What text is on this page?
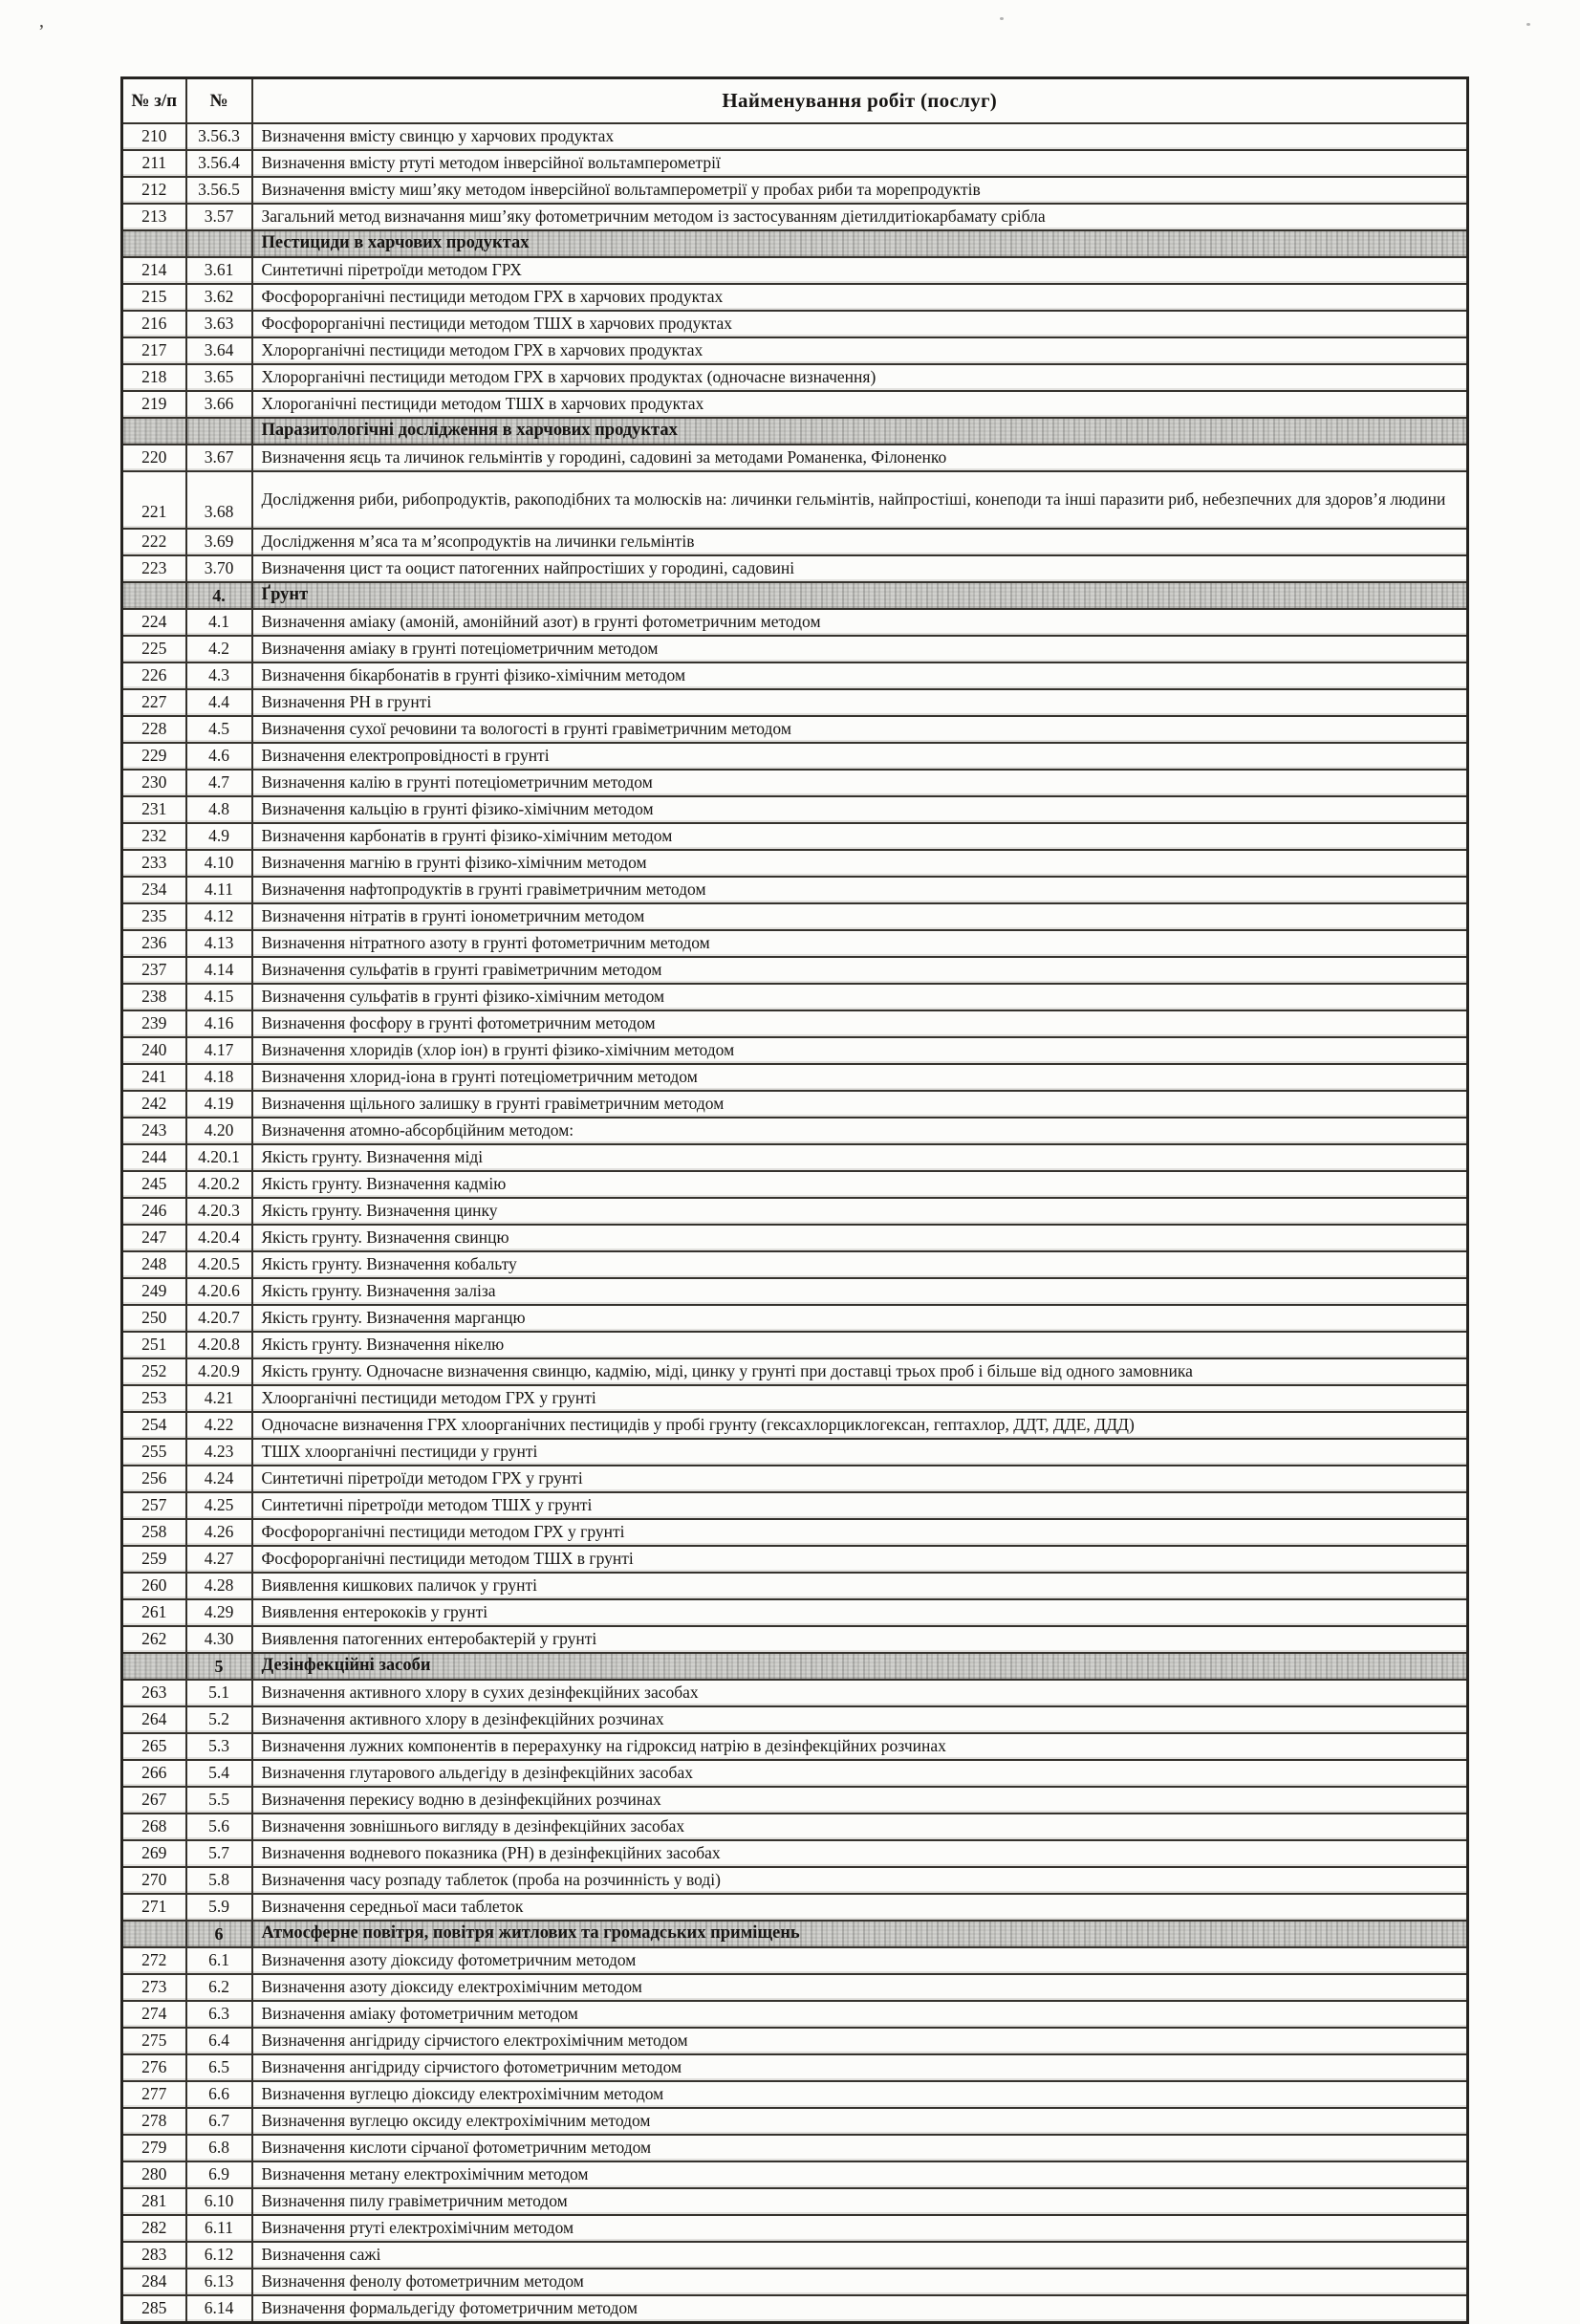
’
№ з/п	№	Найменування робіт (послуг)
210	3.56.3	Визначення вмісту свинцю у харчових продуктах
211	3.56.4	Визначення вмісту ртуті методом інверсійної вольтамперометрії
212	3.56.5	Визначення вмісту миш’яку методом інверсійної вольтамперометрії у пробах риби та морепродуктів
213	3.57	Загальний метод визначання миш’яку фотометричним методом із застосуванням діетилдитіокарбамату срібла
		Пестициди в харчових продуктах
214	3.61	Синтетичні піретроїди методом ГРХ
215	3.62	Фосфорорганічні пестициди методом ГРХ в харчових продуктах
216	3.63	Фосфорорганічні пестициди методом ТШХ в харчових продуктах
217	3.64	Хлорорганічні пестициди методом ГРХ в харчових продуктах
218	3.65	Хлорорганічні пестициди методом ГРХ в харчових продуктах (одночасне визначення)
219	3.66	Хлороганічні пестициди методом ТШХ в харчових продуктах
		Паразитологічні дослідження в харчових продуктах
220	3.67	Визначення яєць та личинок гельмінтів у городині, садовині за методами Романенка, Філоненко
221	3.68	Дослідження риби, рибопродуктів, ракоподібних та молюсків на: личинки гельмінтів, найпростіші, конеподи та інші паразити риб, небезпечних для здоров’я людини
222	3.69	Дослідження м’яса та м’ясопродуктів на личинки гельмінтів
223	3.70	Визначення цист та ооцист патогенних найпростіших у городині, садовині
	4.	Ґрунт
224	4.1	Визначення аміаку (амоній, амонійний азот) в грунті фотометричним методом
225	4.2	Визначення аміаку в грунті потеціометричним методом
226	4.3	Визначення бікарбонатів в грунті фізико-хімічним методом
227	4.4	Визначення РН в грунті
228	4.5	Визначення сухої речовини та вологості в грунті гравіметричним методом
229	4.6	Визначення електропровідності в грунті
230	4.7	Визначення калію в грунті потеціометричним методом
231	4.8	Визначення кальцію в грунті фізико-хімічним методом
232	4.9	Визначення карбонатів в грунті фізико-хімічним методом
233	4.10	Визначення магнію в грунті фізико-хімічним методом
234	4.11	Визначення нафтопродуктів в грунті гравіметричним методом
235	4.12	Визначення нітратів в грунті іонометричним методом
236	4.13	Визначення нітратного азоту в грунті фотометричним методом
237	4.14	Визначення сульфатів в грунті гравіметричним методом
238	4.15	Визначення сульфатів в грунті фізико-хімічним методом
239	4.16	Визначення фосфору в грунті фотометричним методом
240	4.17	Визначення хлоридів (хлор іон) в грунті фізико-хімічним методом
241	4.18	Визначення хлорид-іона в грунті потеціометричним методом
242	4.19	Визначення щільного залишку в грунті гравіметричним методом
243	4.20	Визначення атомно-абсорбційним методом:
244	4.20.1	Якість грунту. Визначення міді
245	4.20.2	Якість грунту. Визначення кадмію
246	4.20.3	Якість грунту. Визначення цинку
247	4.20.4	Якість грунту. Визначення свинцю
248	4.20.5	Якість грунту. Визначення кобальту
249	4.20.6	Якість грунту. Визначення заліза
250	4.20.7	Якість грунту. Визначення марганцю
251	4.20.8	Якість грунту. Визначення нікелю
252	4.20.9	Якість грунту. Одночасне визначення свинцю, кадмію, міді, цинку у грунті при доставці трьох проб і більше від одного замовника
253	4.21	Хлоорганічні пестициди методом ГРХ у грунті
254	4.22	Одночасне визначення ГРХ хлоорганічних пестицидів у пробі грунту (гексахлорциклогексан, гептахлор, ДДТ, ДДЕ, ДДД)
255	4.23	ТШХ хлоорганічні пестициди у грунті
256	4.24	Синтетичні піретроїди методом ГРХ у грунті
257	4.25	Синтетичні піретроїди методом ТШХ у грунті
258	4.26	Фосфорорганічні пестициди методом ГРХ у грунті
259	4.27	Фосфорорганічні пестициди методом ТШХ в грунті
260	4.28	Виявлення кишкових паличок у грунті
261	4.29	Виявлення ентерококів у грунті
262	4.30	Виявлення патогенних ентеробактерій у грунті
	5	Дезінфекційні засоби
263	5.1	Визначення активного хлору в сухих дезінфекційних засобах
264	5.2	Визначення активного хлору в дезінфекційних розчинах
265	5.3	Визначення лужних компонентів в перерахунку на гідроксид натрію в дезінфекційних розчинах
266	5.4	Визначення глутарового альдегіду в дезінфекційних засобах
267	5.5	Визначення перекису водню в дезінфекційних розчинах
268	5.6	Визначення зовнішнього вигляду в дезінфекційних засобах
269	5.7	Визначення водневого показника (РН) в дезінфекційних засобах
270	5.8	Визначення часу розпаду таблеток (проба на розчинність у воді)
271	5.9	Визначення середньої маси таблеток
	6	Атмосферне повітря, повітря житлових та громадських приміщень
272	6.1	Визначення азоту діоксиду фотометричним методом
273	6.2	Визначення азоту діоксиду електрохімічним методом
274	6.3	Визначення аміаку фотометричним методом
275	6.4	Визначення ангідриду сірчистого електрохімічним методом
276	6.5	Визначення ангідриду сірчистого фотометричним методом
277	6.6	Визначення вуглецю діоксиду електрохімічним методом
278	6.7	Визначення вуглецю оксиду електрохімічним методом
279	6.8	Визначення кислоти сірчаної фотометричним методом
280	6.9	Визначення метану електрохімічним методом
281	6.10	Визначення пилу гравіметричним методом
282	6.11	Визначення ртуті електрохімічним методом
283	6.12	Визначення сажі
284	6.13	Визначення фенолу фотометричним методом
285	6.14	Визначення формальдегіду фотометричним методом
